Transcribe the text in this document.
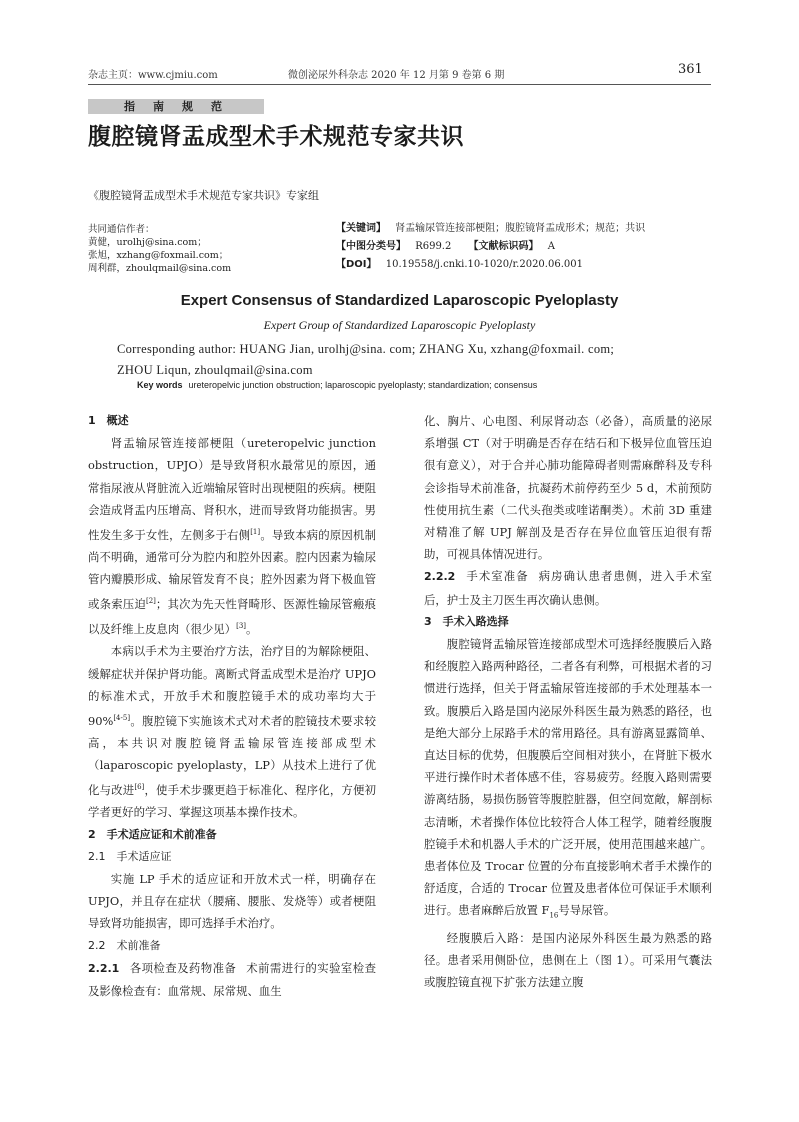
杂志主页：www.cjmiu.com	微创泌尿外科杂志 2020 年 12 月第 9 卷第 6 期	361
指南规范
腹腔镜肾盂成型术手术规范专家共识
《腹腔镜肾盂成型术手术规范专家共识》专家组
共同通信作者：
黄健，urolhj@sina.com；
张旭，xzhang@foxmail.com；
周利群，zhoulqmail@sina.com
【关键词】 肾盂输尿管连接部梗阻；腹腔镜肾盂成形术；规范；共识
【中图分类号】 R699.2 【文献标识码】 A
【DOI】 10.19558/j.cnki.10-1020/r.2020.06.001
Expert Consensus of Standardized Laparoscopic Pyeloplasty
Expert Group of Standardized Laparoscopic Pyeloplasty
Corresponding author: HUANG Jian, urolhj@sina. com; ZHANG Xu, xzhang@foxmail. com;
ZHOU Liqun, zhoulqmail@sina.com
Key words ureteropelvic junction obstruction; laparoscopic pyeloplasty; standardization; consensus

1　概述

肾盂输尿管连接部梗阻（ureteropelvic junction obstruction，UPJO）是导致肾积水最常见的原因，通常指尿液从肾脏流入近端输尿管时出现梗阻的疾病。梗阻会造成肾盂内压增高、肾积水，进而导致肾功能损害。男性发生多于女性，左侧多于右侧[1]。导致本病的原因机制尚不明确，通常可分为腔内和腔外因素。腔内因素为输尿管内瓣膜形成、输尿管发育不良；腔外因素为肾下极血管或条索压迫[2]；其次为先天性肾畸形、医源性输尿管瘢痕以及纤维上皮息肉（很少见）[3]。

本病以手术为主要治疗方法，治疗目的为解除梗阻、缓解症状并保护肾功能。离断式肾盂成型术是治疗 UPJO 的标准术式，开放手术和腹腔镜手术的成功率均大于 90%[4-5]。腹腔镜下实施该术式对术者的腔镜技术要求较高，本共识对腹腔镜肾盂输尿管连接部成型术（laparoscopic pyeloplasty，LP）从技术上进行了优化与改进[6]，使手术步骤更趋于标准化、程序化，方便初学者更好的学习、掌握这项基本操作技术。

2　手术适应证和术前准备

2.1　手术适应证

实施 LP 手术的适应证和开放术式一样，明确存在 UPJO，并且存在症状（腰痛、腰胀、发烧等）或者梗阻导致肾功能损害，即可选择手术治疗。

2.2　术前准备

2.2.1 各项检查及药物准备 术前需进行的实验室检查及影像检查有：血常规、尿常规、血生

化、胸片、心电图、利尿肾动态（必备），高质量的泌尿系增强 CT（对于明确是否存在结石和下极异位血管压迫很有意义），对于合并心肺功能障碍者则需麻醉科及专科会诊指导术前准备，抗凝药术前停药至少 5 d，术前预防性使用抗生素（二代头孢类或喹诺酮类）。术前 3D 重建对精准了解 UPJ 解剖及是否存在异位血管压迫很有帮助，可视具体情况进行。

2.2.2 手术室准备 病房确认患者患侧，进入手术室后，护士及主刀医生再次确认患侧。

3　手术入路选择

腹腔镜肾盂输尿管连接部成型术可选择经腹膜后入路和经腹腔入路两种路径，二者各有利弊，可根据术者的习惯进行选择，但关于肾盂输尿管连接部的手术处理基本一致。腹膜后入路是国内泌尿外科医生最为熟悉的路径，也是绝大部分上尿路手术的常用路径。具有游离显露简单、直达目标的优势，但腹膜后空间相对狭小，在肾脏下极水平进行操作时术者体感不佳，容易疲劳。经腹入路则需要游离结肠，易损伤肠管等腹腔脏器，但空间宽敞，解剖标志清晰，术者操作体位比较符合人体工程学，随着经腹腹腔镜手术和机器人手术的广泛开展，使用范围越来越广。患者体位及 Trocar 位置的分布直接影响术者手术操作的舒适度，合适的 Trocar 位置及患者体位可保证手术顺利进行。患者麻醉后放置 $F_{16}$号导尿管。

经腹膜后入路：是国内泌尿外科医生最为熟悉的路径。患者采用侧卧位，患侧在上（图 1）。可采用气囊法或腹腔镜直视下扩张方法建立腹
